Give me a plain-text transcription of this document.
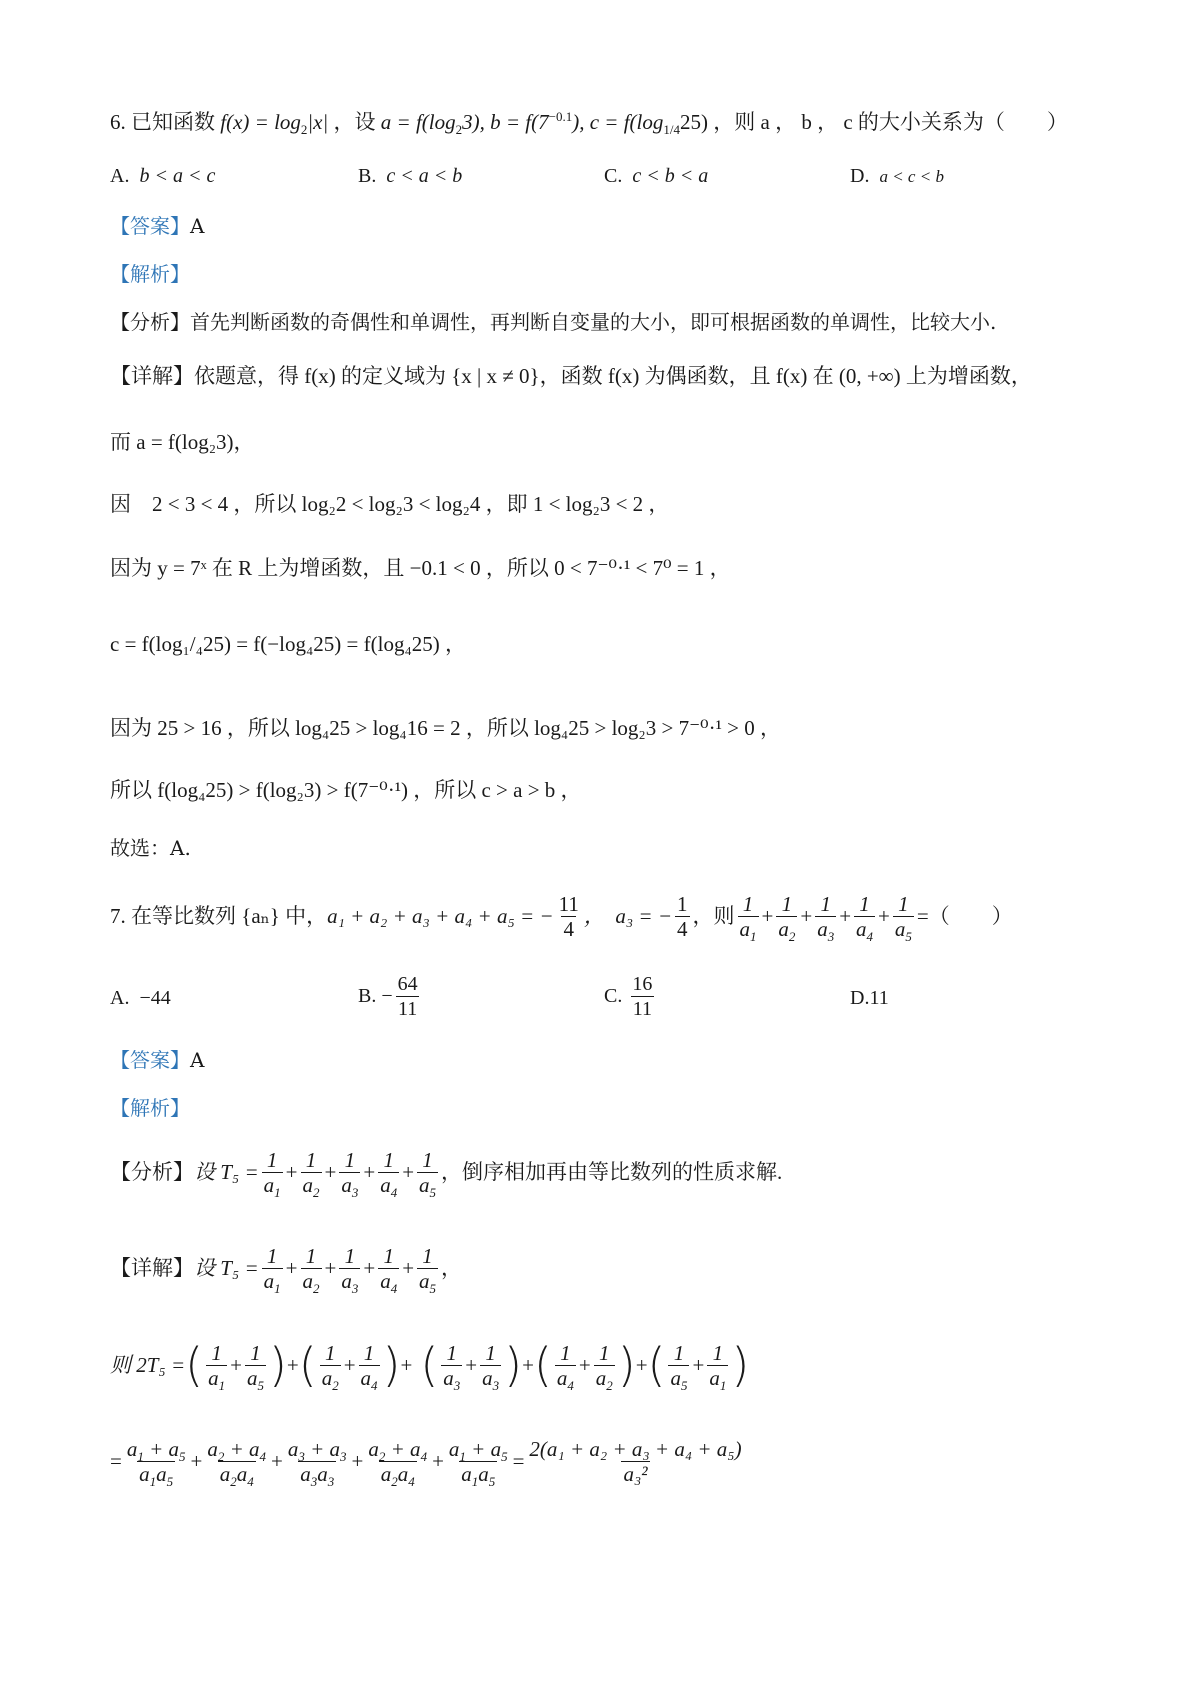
6. 已知函数 $f(x) = \log_2|x|$ ，设 $a = f(\log_23)$, $b = f(7^{-0.1})$, $c = f(\log_{1/4}25)$ ，则 a ， b ， c 的大小关系为（　　）
A. b < a < c	B. c < a < b	C. c < b < a	D. a < c < b
【答案】A
【解析】
【分析】首先判断函数的奇偶性和单调性，再判断自变量的大小，即可根据函数的单调性，比较大小.
【详解】依题意，得 f(x) 的定义域为 {x | x ≠ 0}，函数 f(x) 为偶函数，且 f(x) 在 (0, +∞) 上为增函数，
而 a = f(log₂3)，
因　2 < 3 < 4 ，所以 log₂2 < log₂3 < log₂4 ，即 1 < log₂3 < 2 ，
因为 y = 7ˣ 在 R 上为增函数，且 −0.1 < 0 ，所以 0 < 7⁻⁰·¹ < 7⁰ = 1 ，
c = f(log₁/₄25) = f(−log₄25) = f(log₄25) ，
因为 25 > 16 ，所以 log₄25 > log₄16 = 2 ，所以 log₄25 > log₂3 > 7⁻⁰·¹ > 0 ，
所以 f(log₄25) > f(log₂3) > f(7⁻⁰·¹) ，所以 c > a > b ，
故选：A.
7. 在等比数列 {aₙ} 中， a₁ + a₂ + a₃ + a₄ + a₅ = − $\frac{11}{4}$ ，　a₃ = − $\frac{1}{4}$ ，则 $\frac{1}{a_1} + \frac{1}{a_2} + \frac{1}{a_3} + \frac{1}{a_4} + \frac{1}{a_5}$ =（　　）
A. −44	B.
− $\frac{64}{11}$	C.
$\frac{16}{11}$	D.11
【答案】A
【解析】
【分析】 设 $T_5 = \frac{1}{a_1} + \frac{1}{a_2} + \frac{1}{a_3} + \frac{1}{a_4} + \frac{1}{a_5}$ ，倒序相加再由等比数列的性质求解.
【详解】 设 $T_5 = \frac{1}{a_1} + \frac{1}{a_2} + \frac{1}{a_3} + \frac{1}{a_4} + \frac{1}{a_5}$ ，
则 2T₅ = ( $\frac{1}{a_1} + \frac{1}{a_5}$ ) + ( $\frac{1}{a_2} + \frac{1}{a_4}$ ) + ( $\frac{1}{a_3} + \frac{1}{a_3}$ ) + ( $\frac{1}{a_4} + \frac{1}{a_2}$ ) + ( $\frac{1}{a_5} + \frac{1}{a_1}$ )
= $\frac{a_1 + a_5}{a_1a_5} + \frac{a_2 + a_4}{a_2a_4} + \frac{a_3 + a_3}{a_3a_3} + \frac{a_2 + a_4}{a_2a_4} + \frac{a_1 + a_5}{a_1a_5} = \frac{\text{2(a₁ + a₂ + a₃ + a₄ + a₅)}}{\text{a₃²}}$
